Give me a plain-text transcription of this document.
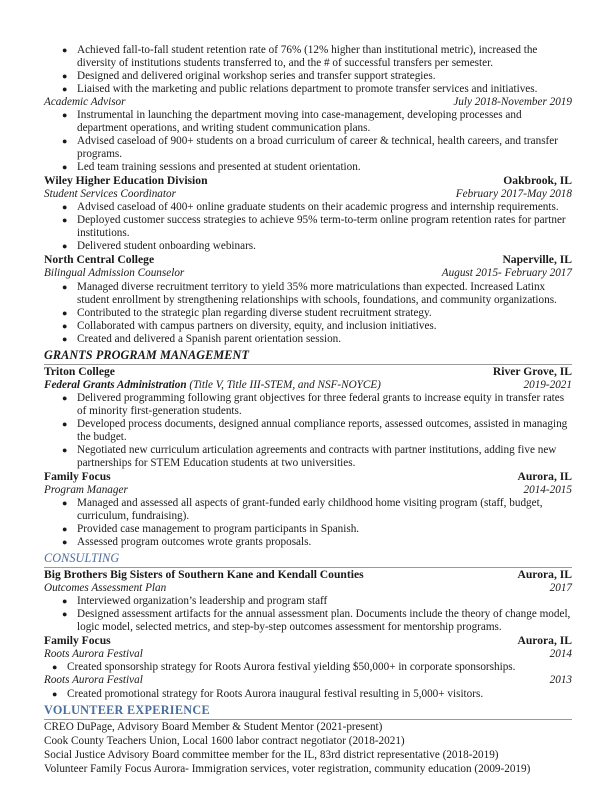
● Achieved fall-to-fall student retention rate of 76% (12% higher than institutional metric), increased the diversity of institutions students transferred to, and the # of successful transfers per semester.
● Designed and delivered original workshop series and transfer support strategies.
● Liaised with the marketing and public relations department to promote transfer services and initiatives.
Academic Advisor	July 2018-November 2019
● Instrumental in launching the department moving into case-management, developing processes and department operations, and writing student communication plans.
● Advised caseload of 900+ students on a broad curriculum of career & technical, health careers, and transfer programs.
● Led team training sessions and presented at student orientation.
Wiley Higher Education Division	Oakbrook, IL
Student Services Coordinator	February 2017-May 2018
● Advised caseload of 400+ online graduate students on their academic progress and internship requirements.
● Deployed customer success strategies to achieve 95% term-to-term online program retention rates for partner institutions.
● Delivered student onboarding webinars.
North Central College	Naperville, IL
Bilingual Admission Counselor	August 2015- February 2017
● Managed diverse recruitment territory to yield 35% more matriculations than expected. Increased Latinx student enrollment by strengthening relationships with schools, foundations, and community organizations.
● Contributed to the strategic plan regarding diverse student recruitment strategy.
● Collaborated with campus partners on diversity, equity, and inclusion initiatives.
● Created and delivered a Spanish parent orientation session.
GRANTS PROGRAM MANAGEMENT
Triton College	River Grove, IL
Federal Grants Administration (Title V, Title III-STEM, and NSF-NOYCE)	2019-2021
● Delivered programming following grant objectives for three federal grants to increase equity in transfer rates of minority first-generation students.
● Developed process documents, designed annual compliance reports, assessed outcomes, assisted in managing the budget.
● Negotiated new curriculum articulation agreements and contracts with partner institutions, adding five new partnerships for STEM Education students at two universities.
Family Focus	Aurora, IL
Program Manager	2014-2015
● Managed and assessed all aspects of grant-funded early childhood home visiting program (staff, budget, curriculum, fundraising).
● Provided case management to program participants in Spanish.
● Assessed program outcomes wrote grants proposals.
CONSULTING
Big Brothers Big Sisters of Southern Kane and Kendall Counties	Aurora, IL
Outcomes Assessment Plan	2017
● Interviewed organization’s leadership and program staff
● Designed assessment artifacts for the annual assessment plan. Documents include the theory of change model, logic model, selected metrics, and step-by-step outcomes assessment for mentorship programs.
Family Focus	Aurora, IL
Roots Aurora Festival	2014
● Created sponsorship strategy for Roots Aurora festival yielding $50,000+ in corporate sponsorships.
Roots Aurora Festival	2013
● Created promotional strategy for Roots Aurora inaugural festival resulting in 5,000+ visitors.
VOLUNTEER EXPERIENCE
CREO DuPage, Advisory Board Member & Student Mentor (2021-present)
Cook County Teachers Union, Local 1600 labor contract negotiator (2018-2021)
Social Justice Advisory Board committee member for the IL, 83rd district representative (2018-2019)
Volunteer Family Focus Aurora- Immigration services, voter registration, community education (2009-2019)
